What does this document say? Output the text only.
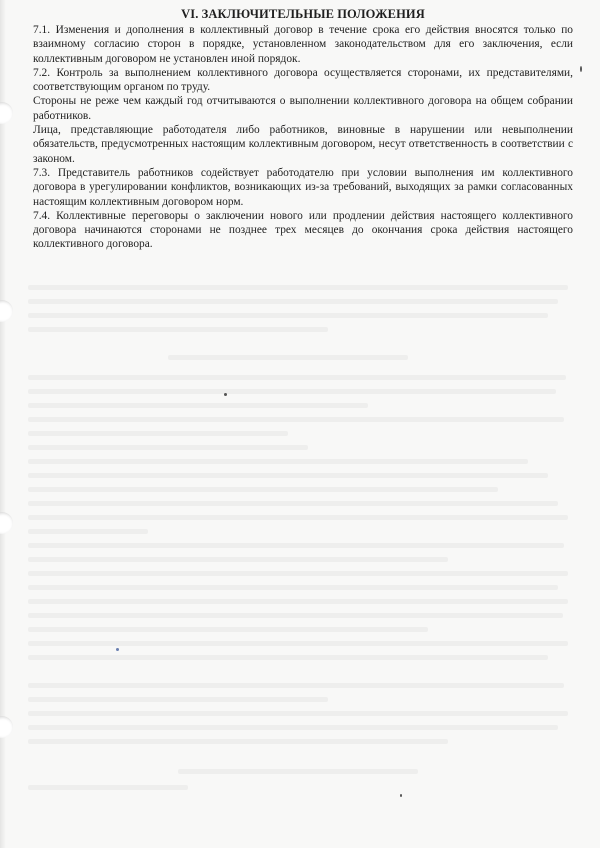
VI. ЗАКЛЮЧИТЕЛЬНЫЕ ПОЛОЖЕНИЯ

7.1. Изменения и дополнения в коллективный договор в течение срока его действия вносятся только по взаимному согласию сторон в порядке, установленном законодательством для его заключения, если коллективным договором не установлен иной порядок.

7.2. Контроль за выполнением коллективного договора осуществляется сторонами, их представителями, соответствующим органом по труду.

Стороны не реже чем каждый год отчитываются о выполнении коллективного договора на общем собрании работников.

Лица, представляющие работодателя либо работников, виновные в нарушении или невыполнении обязательств, предусмотренных настоящим коллективным договором, несут ответственность в соответствии с законом.

7.3. Представитель работников содействует работодателю при условии выполнения им коллективного договора в урегулировании конфликтов, возникающих из-за требований, выходящих за рамки согласованных настоящим коллективным договором норм.

7.4. Коллективные переговоры о заключении нового или продлении действия настоящего коллективного договора начинаются сторонами не позднее трех месяцев до окончания срока действия настоящего коллективного договора.
